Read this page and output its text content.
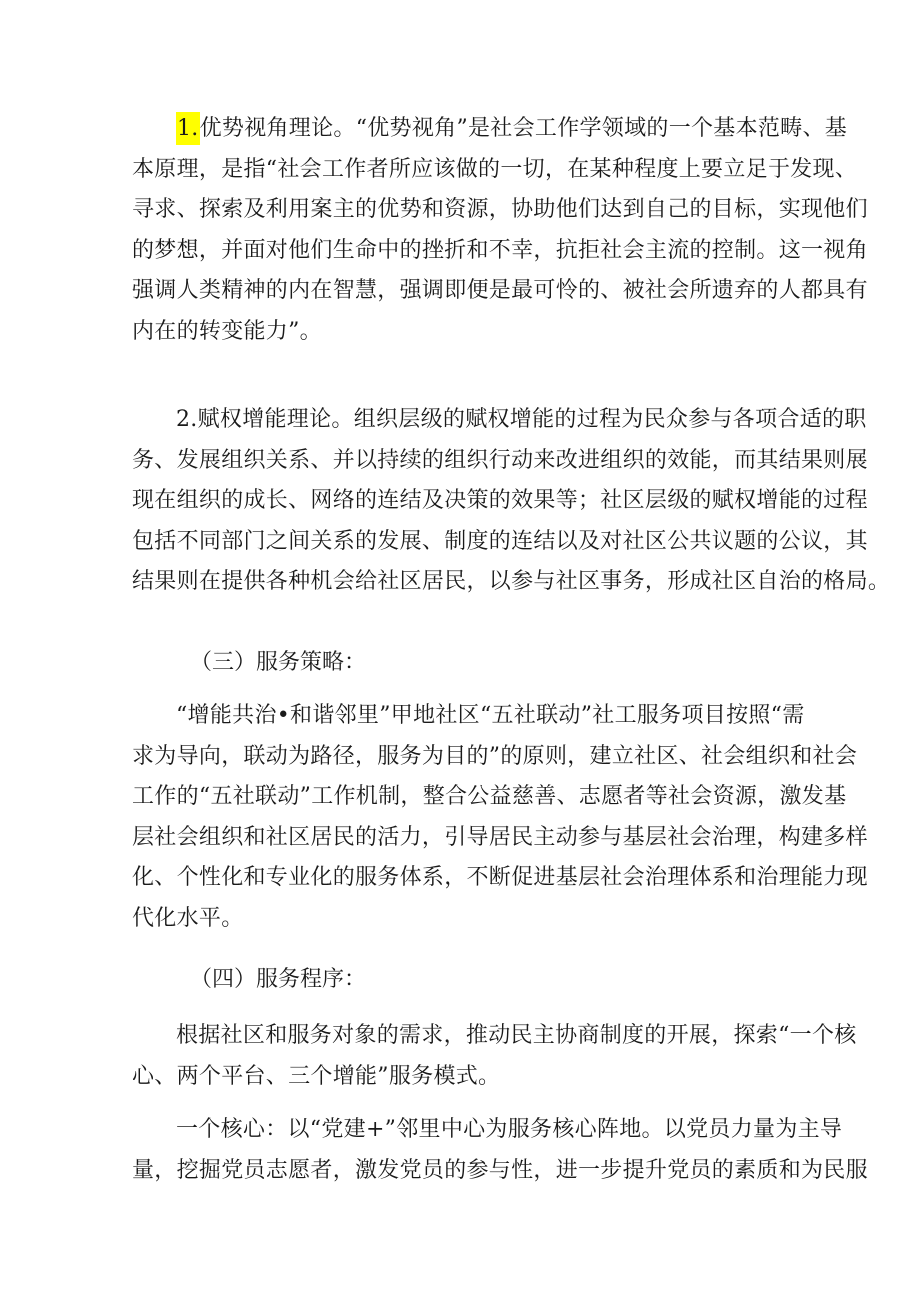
1.优势视角理论。“优势视角”是社会工作学领域的一个基本范畴、基
本原理，是指“社会工作者所应该做的一切，在某种程度上要立足于发现、
寻求、探索及利用案主的优势和资源，协助他们达到自己的目标，实现他们
的梦想，并面对他们生命中的挫折和不幸，抗拒社会主流的控制。这一视角
强调人类精神的内在智慧，强调即便是最可怜的、被社会所遗弃的人都具有
内在的转变能力”。
2.赋权增能理论。组织层级的赋权增能的过程为民众参与各项合适的职
务、发展组织关系、并以持续的组织行动来改进组织的效能，而其结果则展
现在组织的成长、网络的连结及决策的效果等；社区层级的赋权增能的过程
包括不同部门之间关系的发展、制度的连结以及对社区公共议题的公议，其
结果则在提供各种机会给社区居民，以参与社区事务，形成社区自治的格局。
（三）服务策略：
“增能共治•和谐邻里”甲地社区“五社联动”社工服务项目按照“需
求为导向，联动为路径，服务为目的”的原则，建立社区、社会组织和社会
工作的“五社联动”工作机制，整合公益慈善、志愿者等社会资源，激发基
层社会组织和社区居民的活力，引导居民主动参与基层社会治理，构建多样
化、个性化和专业化的服务体系，不断促进基层社会治理体系和治理能力现
代化水平。
（四）服务程序：
根据社区和服务对象的需求，推动民主协商制度的开展，探索“一个核
心、两个平台、三个增能”服务模式。
一个核心：以“党建+”邻里中心为服务核心阵地。以党员力量为主导
量，挖掘党员志愿者，激发党员的参与性，进一步提升党员的素质和为民服
